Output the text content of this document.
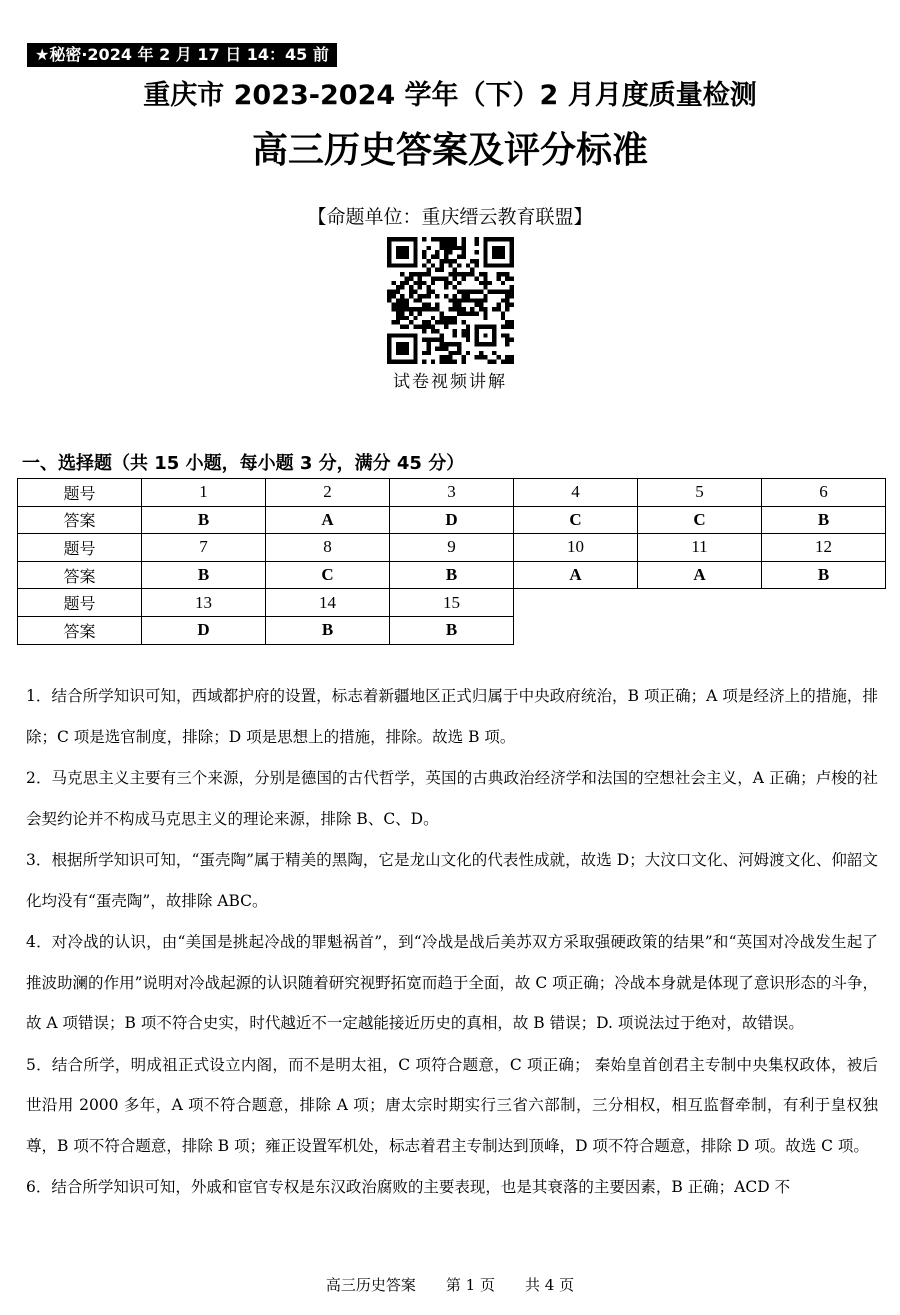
★秘密·2024 年 2 月 17 日 14：45 前
重庆市 2023-2024 学年（下）2 月月度质量检测
高三历史答案及评分标准
【命题单位：重庆缙云教育联盟】
试卷视频讲解
一、选择题（共 15 小题，每小题 3 分，满分 45 分）
题号	1	2	3	4	5	6
答案	B	A	D	C	C	B
题号	7	8	9	10	11	12
答案	B	C	B	A	A	B
题号	13	14	15			
答案	D	B	B			

1．结合所学知识可知，西域都护府的设置，标志着新疆地区正式归属于中央政府统治，B 项正确；A 项是经济上的措施，排除；C 项是选官制度，排除；D 项是思想上的措施，排除。故选 B 项。

2．马克思主义主要有三个来源，分别是德国的古代哲学，英国的古典政治经济学和法国的空想社会主义，A 正确；卢梭的社会契约论并不构成马克思主义的理论来源，排除 B、C、D。

3．根据所学知识可知，“蛋壳陶”属于精美的黑陶，它是龙山文化的代表性成就，故选 D；大汶口文化、河姆渡文化、仰韶文化均没有“蛋壳陶”，故排除 ABC。

4．对冷战的认识，由“美国是挑起冷战的罪魁祸首”，到“冷战是战后美苏双方采取强硬政策的结果”和“英国对冷战发生起了推波助澜的作用”说明对冷战起源的认识随着研究视野拓宽而趋于全面，故 C 项正确；冷战本身就是体现了意识形态的斗争，故 A 项错误；B 项不符合史实，时代越近不一定越能接近历史的真相，故 B 错误；D. 项说法过于绝对，故错误。

5．结合所学，明成祖正式设立内阁，而不是明太祖，C 项符合题意，C 项正确； 秦始皇首创君主专制中央集权政体，被后世沿用 2000 多年，A 项不符合题意，排除 A 项；唐太宗时期实行三省六部制，三分相权，相互监督牵制，有利于皇权独尊，B 项不符合题意，排除 B 项；雍正设置军机处，标志着君主专制达到顶峰，D 项不符合题意，排除 D 项。故选 C 项。

6．结合所学知识可知，外戚和宦官专权是东汉政治腐败的主要表现，也是其衰落的主要因素，B 正确；ACD 不

高三历史答案　　第 1 页　　共 4 页
